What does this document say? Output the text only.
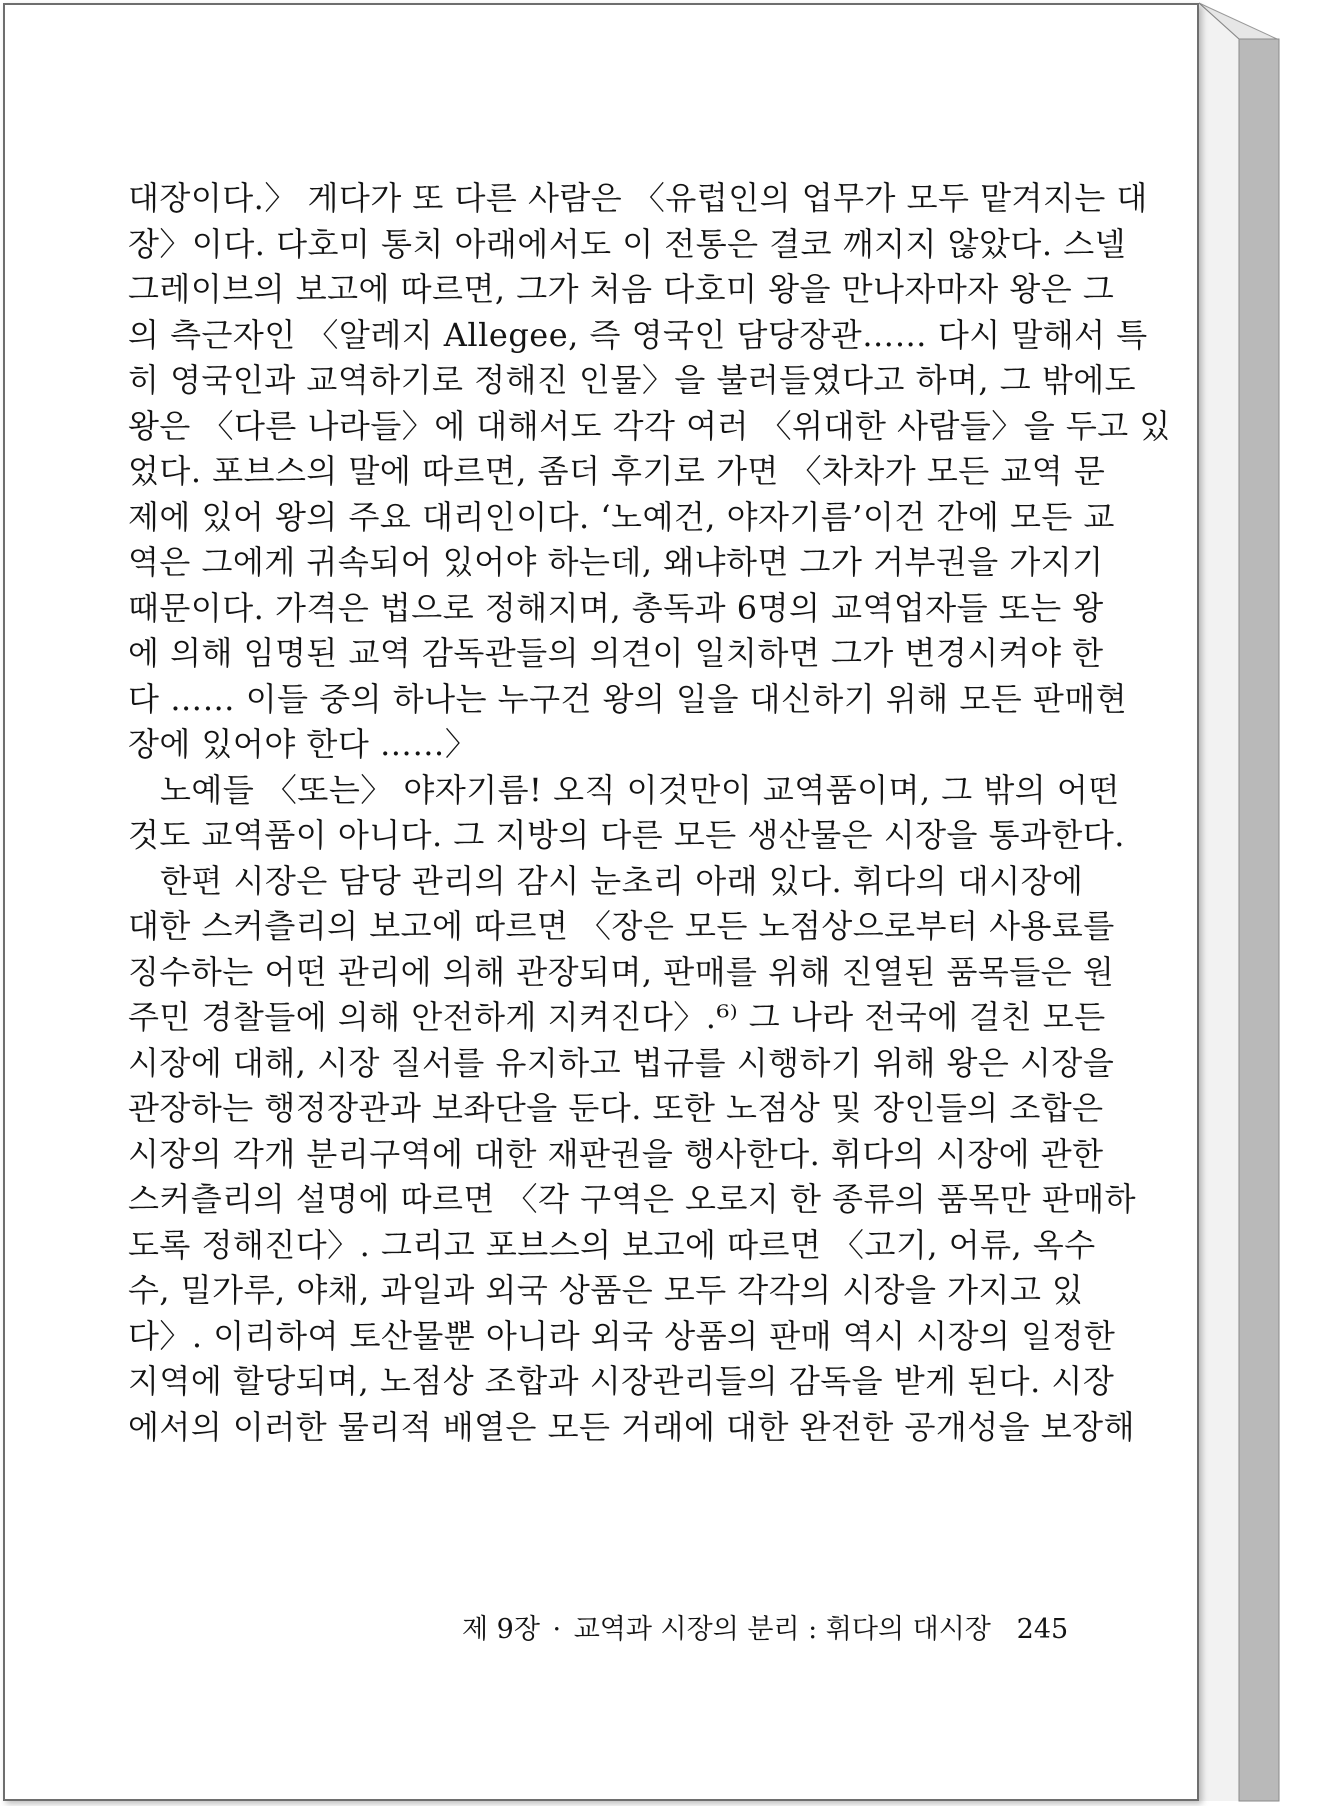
대장이다.〉 게다가 또 다른 사람은 〈유럽인의 업무가 모두 맡겨지는 대
장〉이다. 다호미 통치 아래에서도 이 전통은 결코 깨지지 않았다. 스넬
그레이브의 보고에 따르면, 그가 처음 다호미 왕을 만나자마자 왕은 그
의 측근자인 〈알레지 Allegee, 즉 영국인 담당장관…… 다시 말해서 특
히 영국인과 교역하기로 정해진 인물〉을 불러들였다고 하며, 그 밖에도
왕은 〈다른 나라들〉에 대해서도 각각 여러 〈위대한 사람들〉을 두고 있
었다. 포브스의 말에 따르면, 좀더 후기로 가면 〈차차가 모든 교역 문
제에 있어 왕의 주요 대리인이다. ‘노예건, 야자기름’이건 간에 모든 교
역은 그에게 귀속되어 있어야 하는데, 왜냐하면 그가 거부권을 가지기
때문이다. 가격은 법으로 정해지며, 총독과 6명의 교역업자들 또는 왕
에 의해 임명된 교역 감독관들의 의견이 일치하면 그가 변경시켜야 한
다 …… 이들 중의 하나는 누구건 왕의 일을 대신하기 위해 모든 판매현
장에 있어야 한다 ……〉
노예들 〈또는〉 야자기름! 오직 이것만이 교역품이며, 그 밖의 어떤
것도 교역품이 아니다. 그 지방의 다른 모든 생산물은 시장을 통과한다.
한편 시장은 담당 관리의 감시 눈초리 아래 있다. 휘다의 대시장에
대한 스커츨리의 보고에 따르면 〈장은 모든 노점상으로부터 사용료를
징수하는 어떤 관리에 의해 관장되며, 판매를 위해 진열된 품목들은 원
주민 경찰들에 의해 안전하게 지켜진다〉.⁶⁾ 그 나라 전국에 걸친 모든
시장에 대해, 시장 질서를 유지하고 법규를 시행하기 위해 왕은 시장을
관장하는 행정장관과 보좌단을 둔다. 또한 노점상 및 장인들의 조합은
시장의 각개 분리구역에 대한 재판권을 행사한다. 휘다의 시장에 관한
스커츨리의 설명에 따르면 〈각 구역은 오로지 한 종류의 품목만 판매하
도록 정해진다〉. 그리고 포브스의 보고에 따르면 〈고기, 어류, 옥수
수, 밀가루, 야채, 과일과 외국 상품은 모두 각각의 시장을 가지고 있
다〉. 이리하여 토산물뿐 아니라 외국 상품의 판매 역시 시장의 일정한
지역에 할당되며, 노점상 조합과 시장관리들의 감독을 받게 된다. 시장
에서의 이러한 물리적 배열은 모든 거래에 대한 완전한 공개성을 보장해
제 9장 · 교역과 시장의 분리 : 휘다의 대시장 245
